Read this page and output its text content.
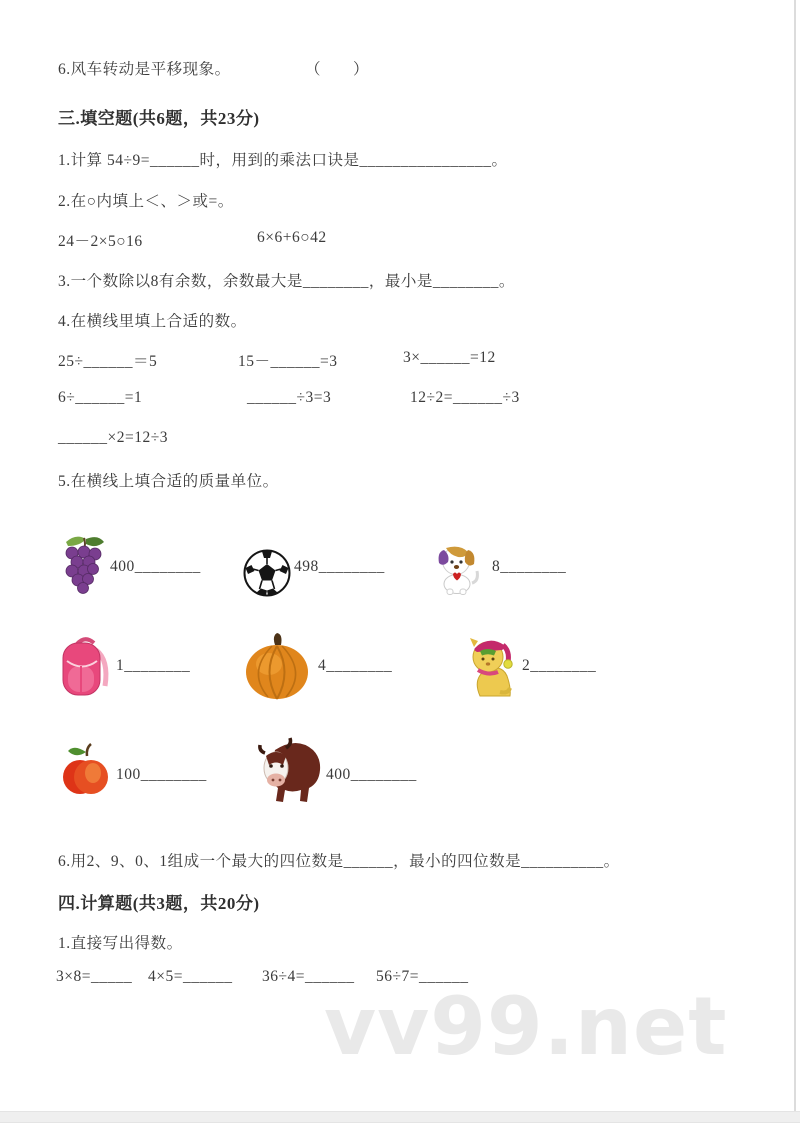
6.风车转动是平移现象。	（　　）
三.填空题(共6题，共23分)
1.计算 54÷9=______时，用到的乘法口诀是________________。
2.在○内填上＜、＞或=。
24－2×5○16	6×6+6○42
3.一个数除以8有余数，余数最大是________，最小是________。
4.在横线里填上合适的数。
25÷______＝5	15－______=3	3×______=12
6÷______=1	______÷3=3	12÷2=______÷3
______×2=12÷3
5.在横线上填合适的质量单位。
400________	498________	8________
1________	4________	2________
100________	400________
6.用2、9、0、1组成一个最大的四位数是______，最小的四位数是__________。
四.计算题(共3题，共20分)
1.直接写出得数。
3×8=_____ 4×5=______ 36÷4=______ 56÷7=______
vv99.net
